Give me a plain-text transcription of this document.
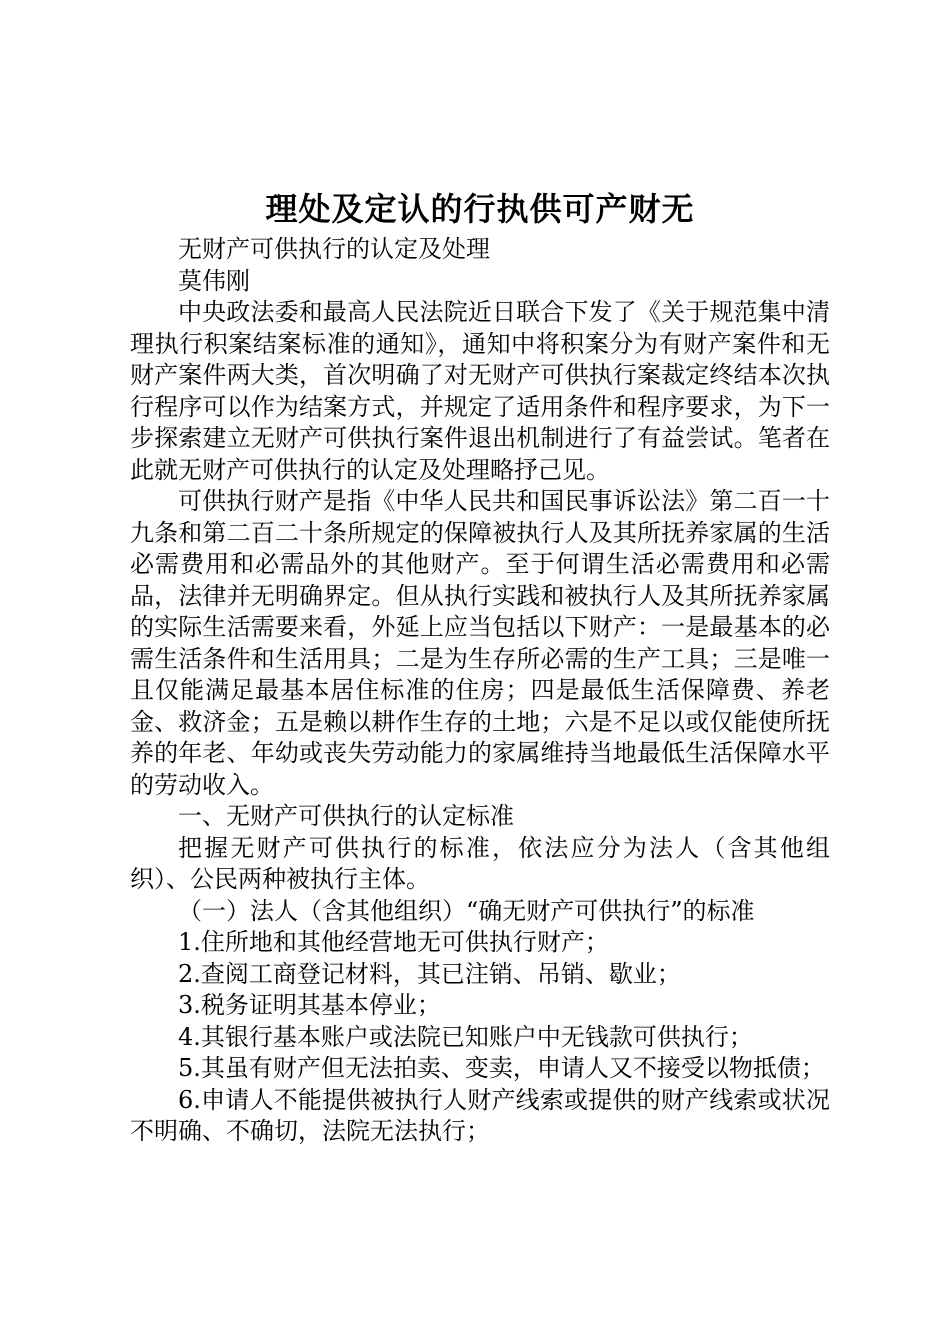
理处及定认的行执供可产财无

无财产可供执行的认定及处理

莫伟刚

中央政法委和最高人民法院近日联合下发了《关于规范集中清理执行积案结案标准的通知》，通知中将积案分为有财产案件和无财产案件两大类，首次明确了对无财产可供执行案裁定终结本次执行程序可以作为结案方式，并规定了适用条件和程序要求，为下一步探索建立无财产可供执行案件退出机制进行了有益尝试。笔者在此就无财产可供执行的认定及处理略抒己见。

可供执行财产是指《中华人民共和国民事诉讼法》第二百一十九条和第二百二十条所规定的保障被执行人及其所抚养家属的生活必需费用和必需品外的其他财产。至于何谓生活必需费用和必需品，法律并无明确界定。但从执行实践和被执行人及其所抚养家属的实际生活需要来看，外延上应当包括以下财产：一是最基本的必需生活条件和生活用具；二是为生存所必需的生产工具；三是唯一且仅能满足最基本居住标准的住房；四是最低生活保障费、养老金、救济金；五是赖以耕作生存的土地；六是不足以或仅能使所抚养的年老、年幼或丧失劳动能力的家属维持当地最低生活保障水平的劳动收入。

一、无财产可供执行的认定标准

把握无财产可供执行的标准，依法应分为法人（含其他组织）、公民两种被执行主体。

（一）法人（含其他组织）“确无财产可供执行”的标准

1.住所地和其他经营地无可供执行财产；

2.查阅工商登记材料，其已注销、吊销、歇业；

3.税务证明其基本停业；

4.其银行基本账户或法院已知账户中无钱款可供执行；

5.其虽有财产但无法拍卖、变卖，申请人又不接受以物抵债；

6.申请人不能提供被执行人财产线索或提供的财产线索或状况不明确、不确切，法院无法执行；
